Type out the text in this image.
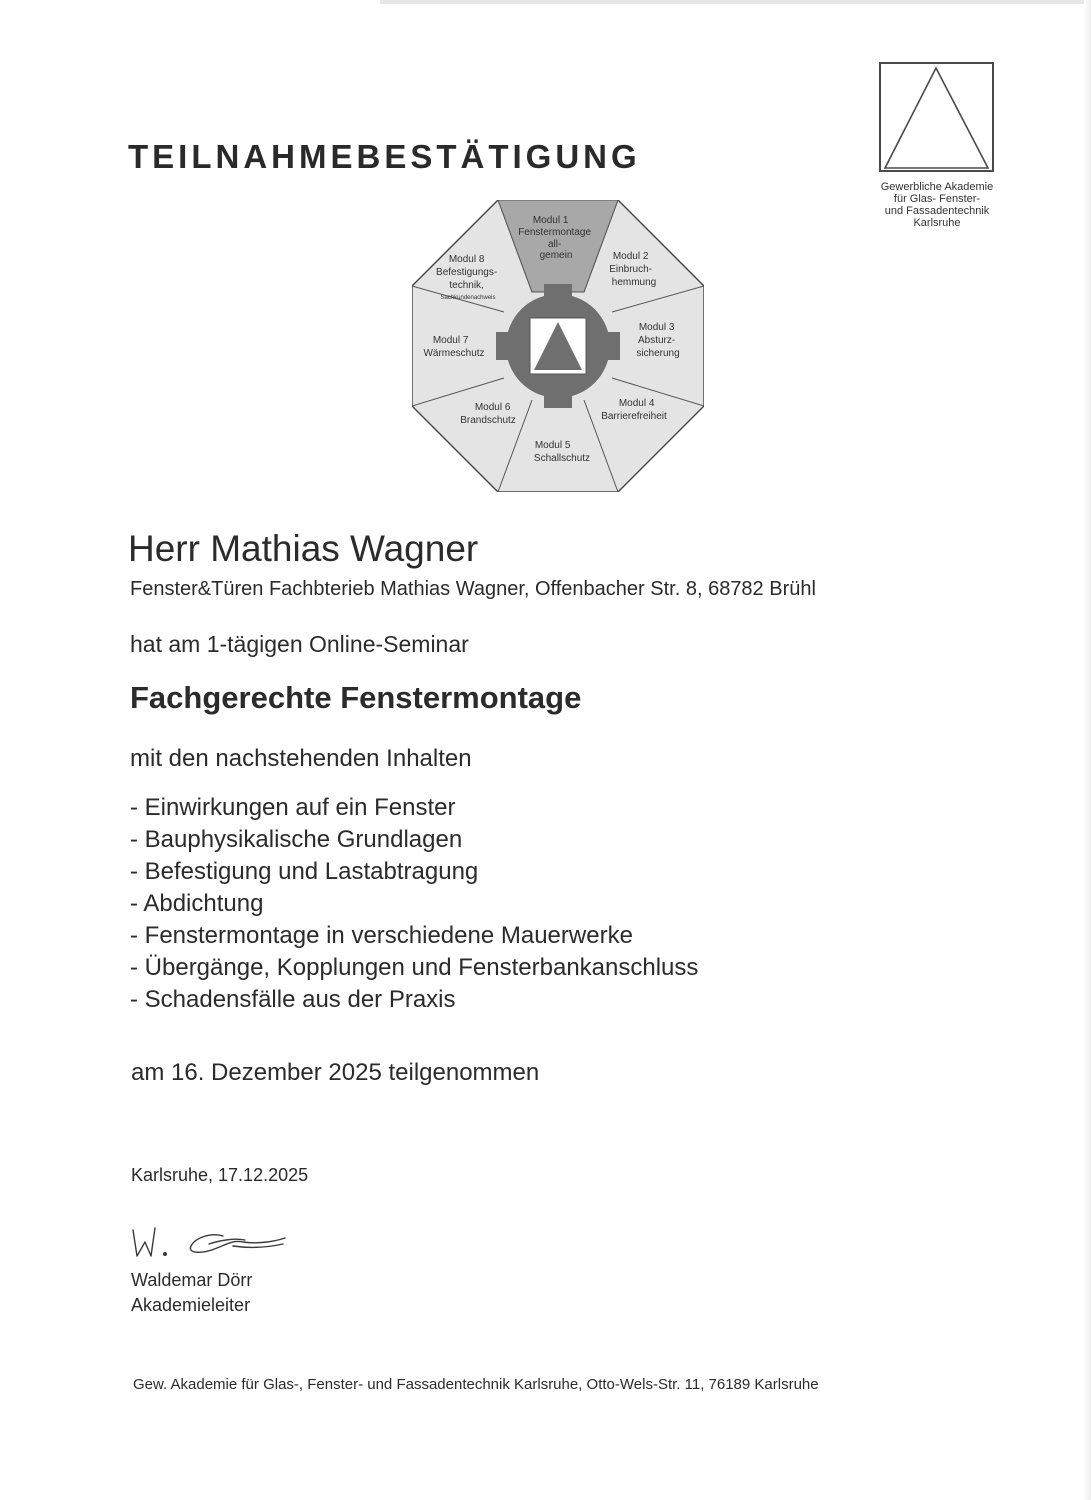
TEILNAHMEBESTÄTIGUNG
Gewerbliche Akademie
für Glas- Fenster-
und Fassadentechnik
Karlsruhe
Modul 1 Fenstermontage all- gemein	Modul 2 Einbruch- hemmung
Modul 3 Absturz- sicherung
Modul 4 Barrierefreiheit
Modul 5 Schallschutz
Modul 6 Brandschutz
Modul 7 Wärmeschutz
Modul 8 Befestigungs- technik, Sachkundenachweis
Herr Mathias Wagner
Fenster&Türen Fachbterieb Mathias Wagner, Offenbacher Str. 8, 68782 Brühl
hat am 1-tägigen Online-Seminar
Fachgerechte Fenstermontage
mit den nachstehenden Inhalten
- Einwirkungen auf ein Fenster
- Bauphysikalische Grundlagen
- Befestigung und Lastabtragung
- Abdichtung
- Fenstermontage in verschiedene Mauerwerke
- Übergänge, Kopplungen und Fensterbankanschluss
- Schadensfälle aus der Praxis
am 16. Dezember 2025 teilgenommen
Karlsruhe, 17.12.2025
Waldemar Dörr
Akademieleiter
Gew. Akademie für Glas-, Fenster- und Fassadentechnik Karlsruhe, Otto-Wels-Str. 11, 76189 Karlsruhe
